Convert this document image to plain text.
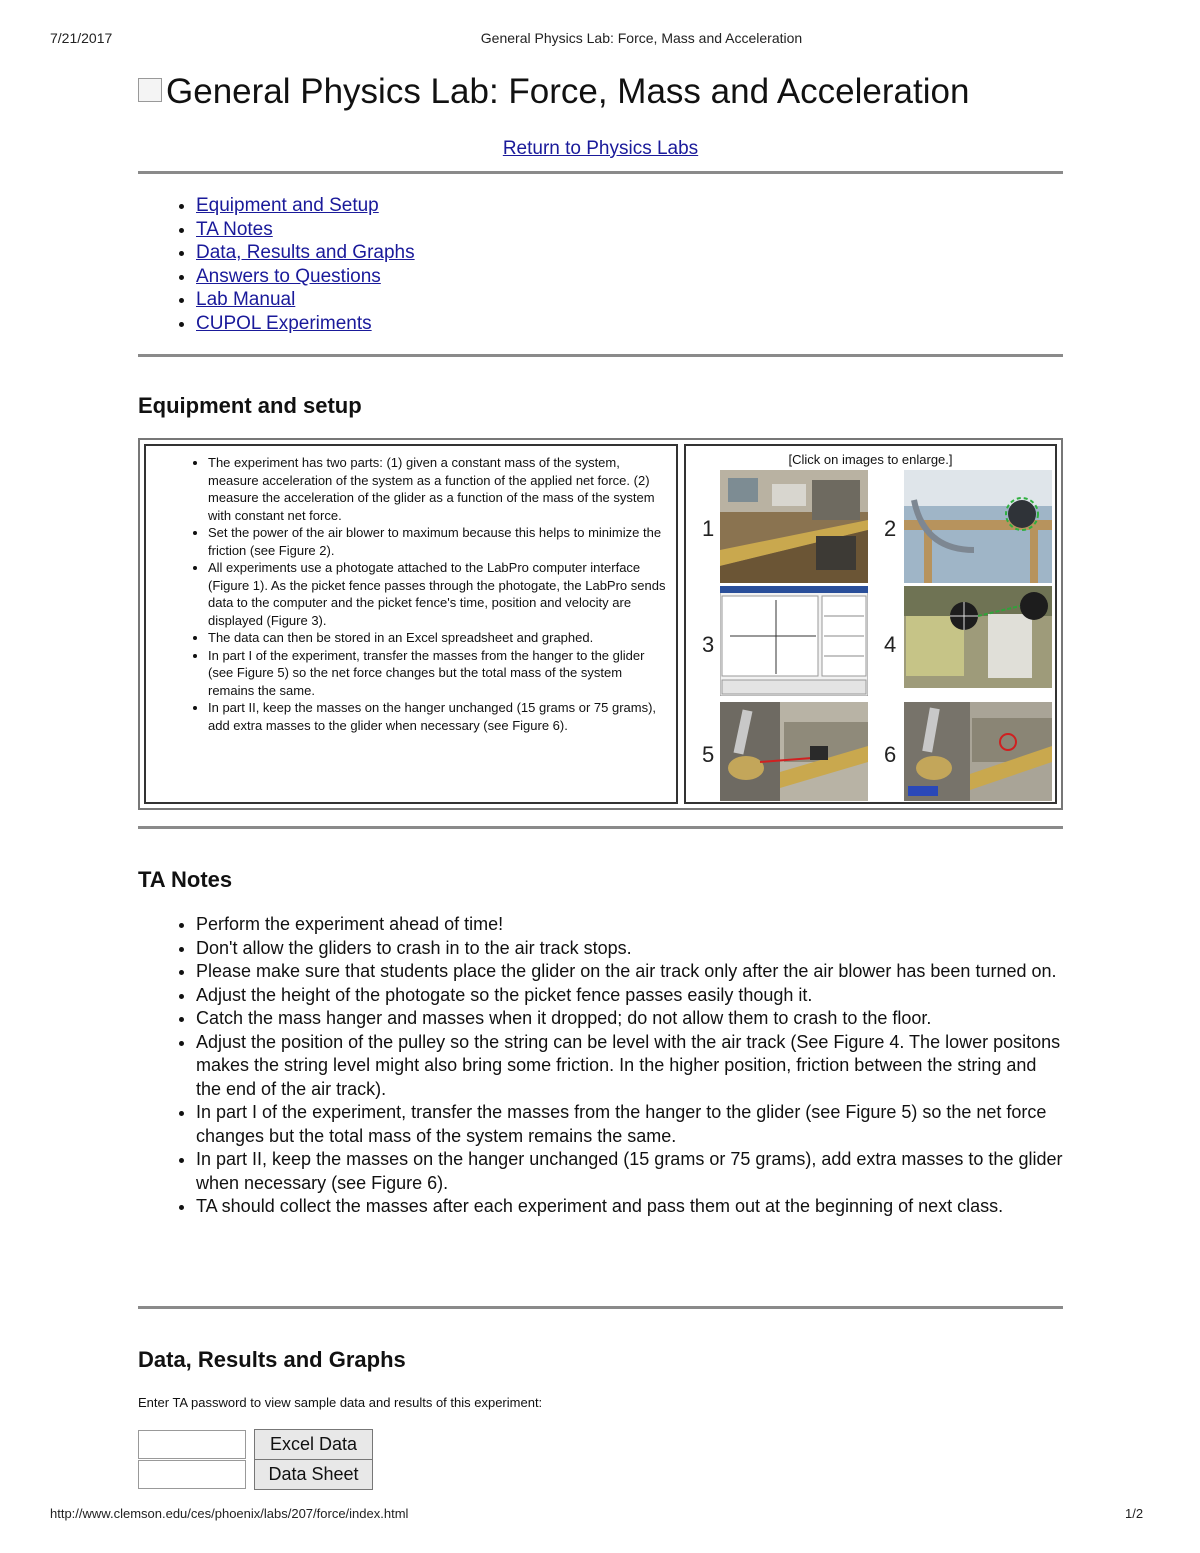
7/21/2017	General Physics Lab: Force, Mass and Acceleration
General Physics Lab: Force, Mass and Acceleration
Return to Physics Labs
• Equipment and Setup
• TA Notes
• Data, Results and Graphs
• Answers to Questions
• Lab Manual
• CUPOL Experiments
Equipment and setup
• The experiment has two parts: (1) given a constant mass of the system, measure acceleration of the system as a function of the applied net force. (2) measure the acceleration of the glider as a function of the mass of the system with constant net force.
• Set the power of the air blower to maximum because this helps to minimize the friction (see Figure 2).
• All experiments use a photogate attached to the LabPro computer interface (Figure 1). As the picket fence passes through the photogate, the LabPro sends data to the computer and the picket fence's time, position and velocity are displayed (Figure 3).
• The data can then be stored in an Excel spreadsheet and graphed.
• In part I of the experiment, transfer the masses from the hanger to the glider (see Figure 5) so the net force changes but the total mass of the system remains the same.
• In part II, keep the masses on the hanger unchanged (15 grams or 75 grams), add extra masses to the glider when necessary (see Figure 6).
[Click on images to enlarge.]
1	2
3	4
5	6
TA Notes
• Perform the experiment ahead of time!
• Don't allow the gliders to crash in to the air track stops.
• Please make sure that students place the glider on the air track only after the air blower has been turned on.
• Adjust the height of the photogate so the picket fence passes easily though it.
• Catch the mass hanger and masses when it dropped; do not allow them to crash to the floor.
• Adjust the position of the pulley so the string can be level with the air track (See Figure 4. The lower positons makes the string level might also bring some friction. In the higher position, friction between the string and the end of the air track).
• In part I of the experiment, transfer the masses from the hanger to the glider (see Figure 5) so the net force changes but the total mass of the system remains the same.
• In part II, keep the masses on the hanger unchanged (15 grams or 75 grams), add extra masses to the glider when necessary (see Figure 6).
• TA should collect the masses after each experiment and pass them out at the beginning of next class.
Data, Results and Graphs
Enter TA password to view sample data and results of this experiment:
Excel Data
Data Sheet
http://www.clemson.edu/ces/phoenix/labs/207/force/index.html	1/2
